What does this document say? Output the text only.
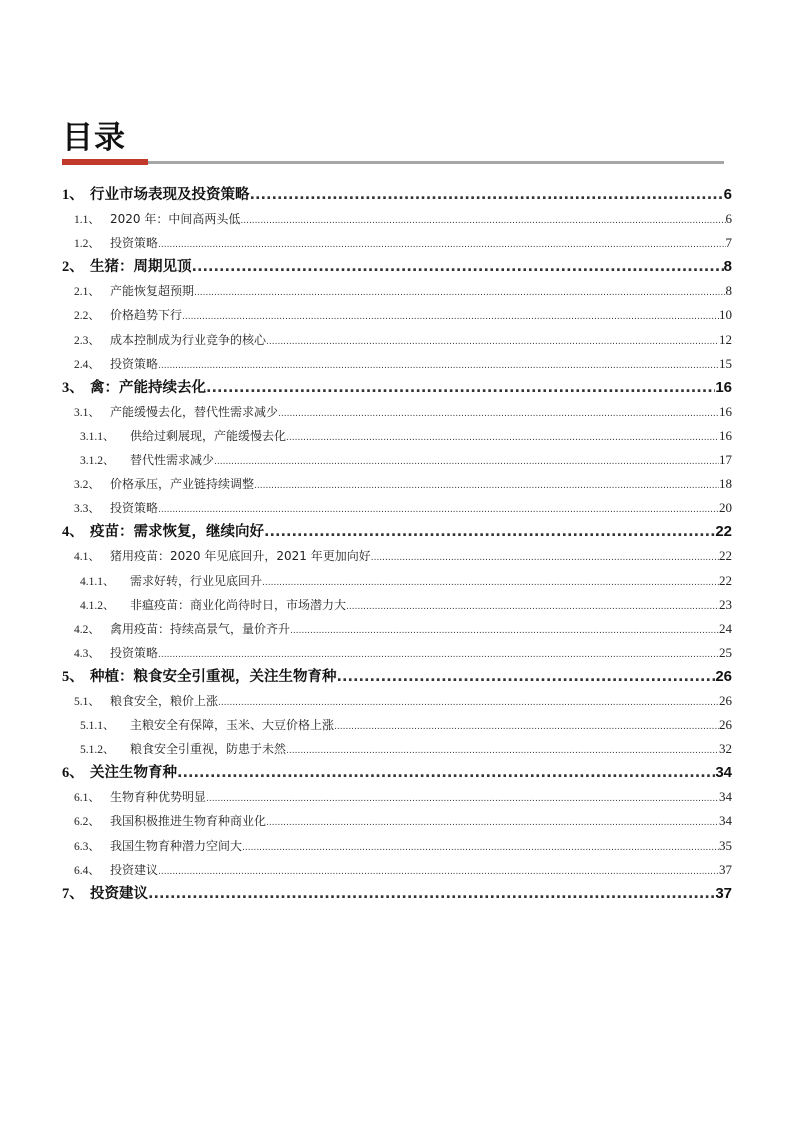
目录
1、 行业市场表现及投资策略 .....	6
1.1、 2020 年：中间高两头低 .....	6
1.2、 投资策略 .....	7
2、 生猪：周期见顶 .....	8
2.1、 产能恢复超预期 .....	8
2.2、 价格趋势下行 .....	10
2.3、 成本控制成为行业竞争的核心 .....	12
2.4、 投资策略 .....	15
3、 禽：产能持续去化 .....	16
3.1、 产能缓慢去化，替代性需求减少 .....	16
3.1.1、	供给过剩展现，产能缓慢去化 .....	16
3.1.2、	替代性需求减少 .....	17
3.2、 价格承压，产业链持续调整 .....	18
3.3、 投资策略 .....	20
4、 疫苗：需求恢复，继续向好 .....	22
4.1、 猪用疫苗：2020 年见底回升，2021 年更加向好 .....	22
4.1.1、	需求好转，行业见底回升 .....	22
4.1.2、	非瘟疫苗：商业化尚待时日，市场潜力大 .....	23
4.2、 禽用疫苗：持续高景气，量价齐升 .....	24
4.3、 投资策略 .....	25
5、 种植：粮食安全引重视，关注生物育种 .....	26
5.1、 粮食安全，粮价上涨 .....	26
5.1.1、	主粮安全有保障，玉米、大豆价格上涨 .....	26
5.1.2、	粮食安全引重视，防患于未然 .....	32
6、 关注生物育种 .....	34
6.1、 生物育种优势明显 .....	34
6.2、 我国积极推进生物育种商业化 .....	34
6.3、 我国生物育种潜力空间大 .....	35
6.4、 投资建议 .....	37
7、 投资建议 .....	37
